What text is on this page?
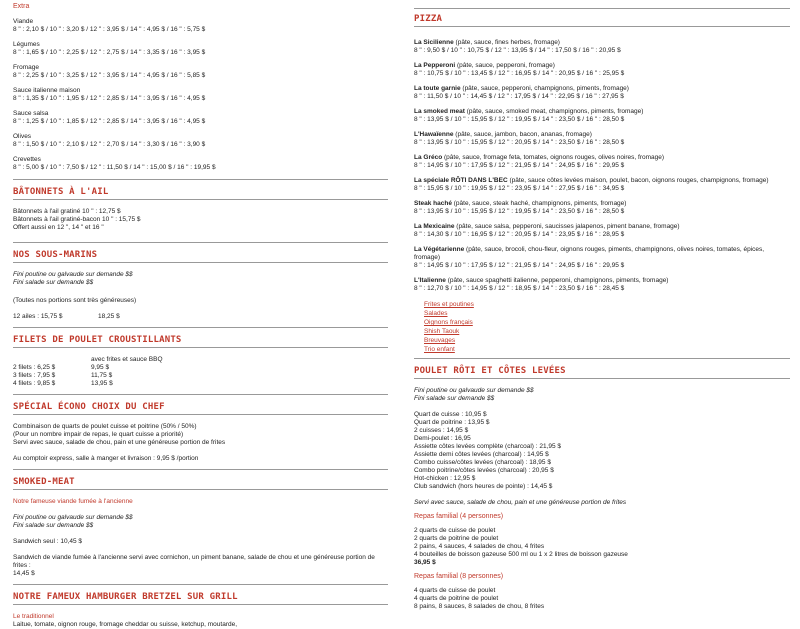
Extra
Viande
8 " : 2,10 $ / 10 " : 3,20 $ / 12 " : 3,95 $ / 14 " : 4,95 $ / 16 " : 5,75 $
Légumes
8 " : 1,65 $ / 10 " : 2,25 $ / 12 " : 2,75 $ / 14 " : 3,35 $ / 16 " : 3,95 $
Fromage
8 " : 2,25 $ / 10 " : 3,25 $ / 12 " : 3,95 $ / 14 " : 4,95 $ / 16 " : 5,85 $
Sauce italienne maison
8 " : 1,35 $ / 10 " : 1,95 $ / 12 " : 2,85 $ / 14 " : 3,95 $ / 16 " : 4,95 $
Sauce salsa
8 " : 1,25 $ / 10 " : 1,85 $ / 12 " : 2,85 $ / 14 " : 3,95 $ / 16 " : 4,95 $
Olives
8 " : 1,50 $ / 10 " : 2,10 $ / 12 " : 2,70 $ / 14 " : 3,30 $ / 16 " : 3,90 $
Crevettes
8 " : 5,00 $ / 10 " : 7,50 $ / 12 " : 11,50 $ / 14 " : 15,00 $ / 16 " : 19,95 $
BÂTONNETS À L'AIL
Bâtonnets à l'ail gratiné 10 " : 12,75 $
Bâtonnets à l'ail gratiné-bacon 10 " : 15,75 $
Offert aussi en 12 ", 14 " et 16 "
NOS SOUS-MARINS
Fini poutine ou galvaude sur demande $$
Fini salade sur demande $$
(Toutes nos portions sont très généreuses)
12 ailes : 15,75 $	18,25 $
FILETS DE POULET CROUSTILLANTS
	avec frites et sauce BBQ
2 filets : 6,25 $	9,95 $
3 filets : 7,95 $	11,75 $
4 filets : 9,85 $	13,95 $
SPÉCIAL ÉCONO CHOIX DU CHEF
Combinaison de quarts de poulet cuisse et poitrine (50% / 50%)
(Pour un nombre impair de repas, le quart cuisse a priorité)
Servi avec sauce, salade de chou, pain et une généreuse portion de frites
Au comptoir express, salle à manger et livraison : 9,95 $ /portion
SMOKED-MEAT
Notre fameuse viande fumée à l'ancienne
Fini poutine ou galvaude sur demande $$
Fini salade sur demande $$
Sandwich seul : 10,45 $
Sandwich de viande fumée à l'ancienne servi avec cornichon, un piment banane, salade de chou et une généreuse portion de frites :
14,45 $
NOTRE FAMEUX HAMBURGER BRETZEL SUR GRILL
Le traditionnel
Laitue, tomate, oignon rouge, fromage cheddar ou suisse, ketchup, moutarde,
PIZZA
La Sicilienne (pâte, sauce, fines herbes, fromage)
8 " : 9,50 $ / 10 " : 10,75 $ / 12 " : 13,95 $ / 14 " : 17,50 $ / 16 " : 20,95 $
La Pepperoni (pâte, sauce, pepperoni, fromage)
8 " : 10,75 $ / 10 " : 13,45 $ / 12 " : 16,95 $ / 14 " : 20,95 $ / 16 " : 25,95 $
La toute garnie (pâte, sauce, pepperoni, champignons, piments, fromage)
8 " : 11,50 $ / 10 " : 14,45 $ / 12 " : 17,95 $ / 14 " : 22,95 $ / 16 " : 27,95 $
La smoked meat (pâte, sauce, smoked meat, champignons, piments, fromage)
8 " : 13,95 $ / 10 " : 15,95 $ / 12 " : 19,95 $ / 14 " : 23,50 $ / 16 " : 28,50 $
L'Hawaïenne (pâte, sauce, jambon, bacon, ananas, fromage)
8 " : 13,95 $ / 10 " : 15,95 $ / 12 " : 20,95 $ / 14 " : 23,50 $ / 16 " : 28,50 $
La Gréco (pâte, sauce, fromage feta, tomates, oignons rouges, olives noires, fromage)
8 " : 14,95 $ / 10 " : 17,95 $ / 12 " : 21,95 $ / 14 " : 24,95 $ / 16 " : 29,95 $
La spéciale RÔTI DANS L'BEC (pâte, sauce côtes levées maison, poulet, bacon, oignons rouges, champignons, fromage)
8 " : 15,95 $ / 10 " : 19,95 $ / 12 " : 23,95 $ / 14 " : 27,95 $ / 16 " : 34,95 $
Steak haché (pâte, sauce, steak haché, champignons, piments, fromage)
8 " : 13,95 $ / 10 " : 15,95 $ / 12 " : 19,95 $ / 14 " : 23,50 $ / 16 " : 28,50 $
La Mexicaine (pâte, sauce salsa, pepperoni, saucisses jalapenos, piment banane, fromage)
8 " : 14,30 $ / 10 " : 16,95 $ / 12 " : 20,95 $ / 14 " : 23,95 $ / 16 " : 28,95 $
La Végétarienne (pâte, sauce, brocoli, chou-fleur, oignons rouges, piments, champignons, olives noires, tomates, épices, fromage)
8 " : 14,95 $ / 10 " : 17,95 $ / 12 " : 21,95 $ / 14 " : 24,95 $ / 16 " : 29,95 $
L'Italienne (pâte, sauce spaghetti italienne, pepperoni, champignons, piments, fromage)
8 " : 12,70 $ / 10 " : 14,95 $ / 12 " : 18,95 $ / 14 " : 23,50 $ / 16 " : 28,45 $
Frites et poutines
Salades
Oignons français
Shish Taouk
Breuvages
Trio enfant
POULET RÔTI ET CÔTES LEVÉES
Fini poutine ou galvaude sur demande $$
Fini salade sur demande $$
Quart de cuisse : 10,95 $
Quart de poitrine : 13,95 $
2 cuisses : 14,95 $
Demi-poulet : 16,95
Assiette côtes levées complète (charcoal) : 21,95 $
Assiette demi côtes levées (charcoal) : 14,95 $
Combo cuisse/côtes levées (charcoal) : 18,95 $
Combo poitrine/côtes levées (charcoal) : 20,95 $
Hot-chicken : 12,95 $
Club sandwich (hors heures de pointe) : 14,45 $
Servi avec sauce, salade de chou, pain et une généreuse portion de frites
Repas familial (4 personnes)
2 quarts de cuisse de poulet
2 quarts de poitrine de poulet
2 pains, 4 sauces, 4 salades de chou, 4 frites
4 bouteilles de boisson gazeuse 500 ml ou 1 x 2 litres de boisson gazeuse
36,95 $
Repas familial (8 personnes)
4 quarts de cuisse de poulet
4 quarts de poitrine de poulet
8 pains, 8 sauces, 8 salades de chou, 8 frites
